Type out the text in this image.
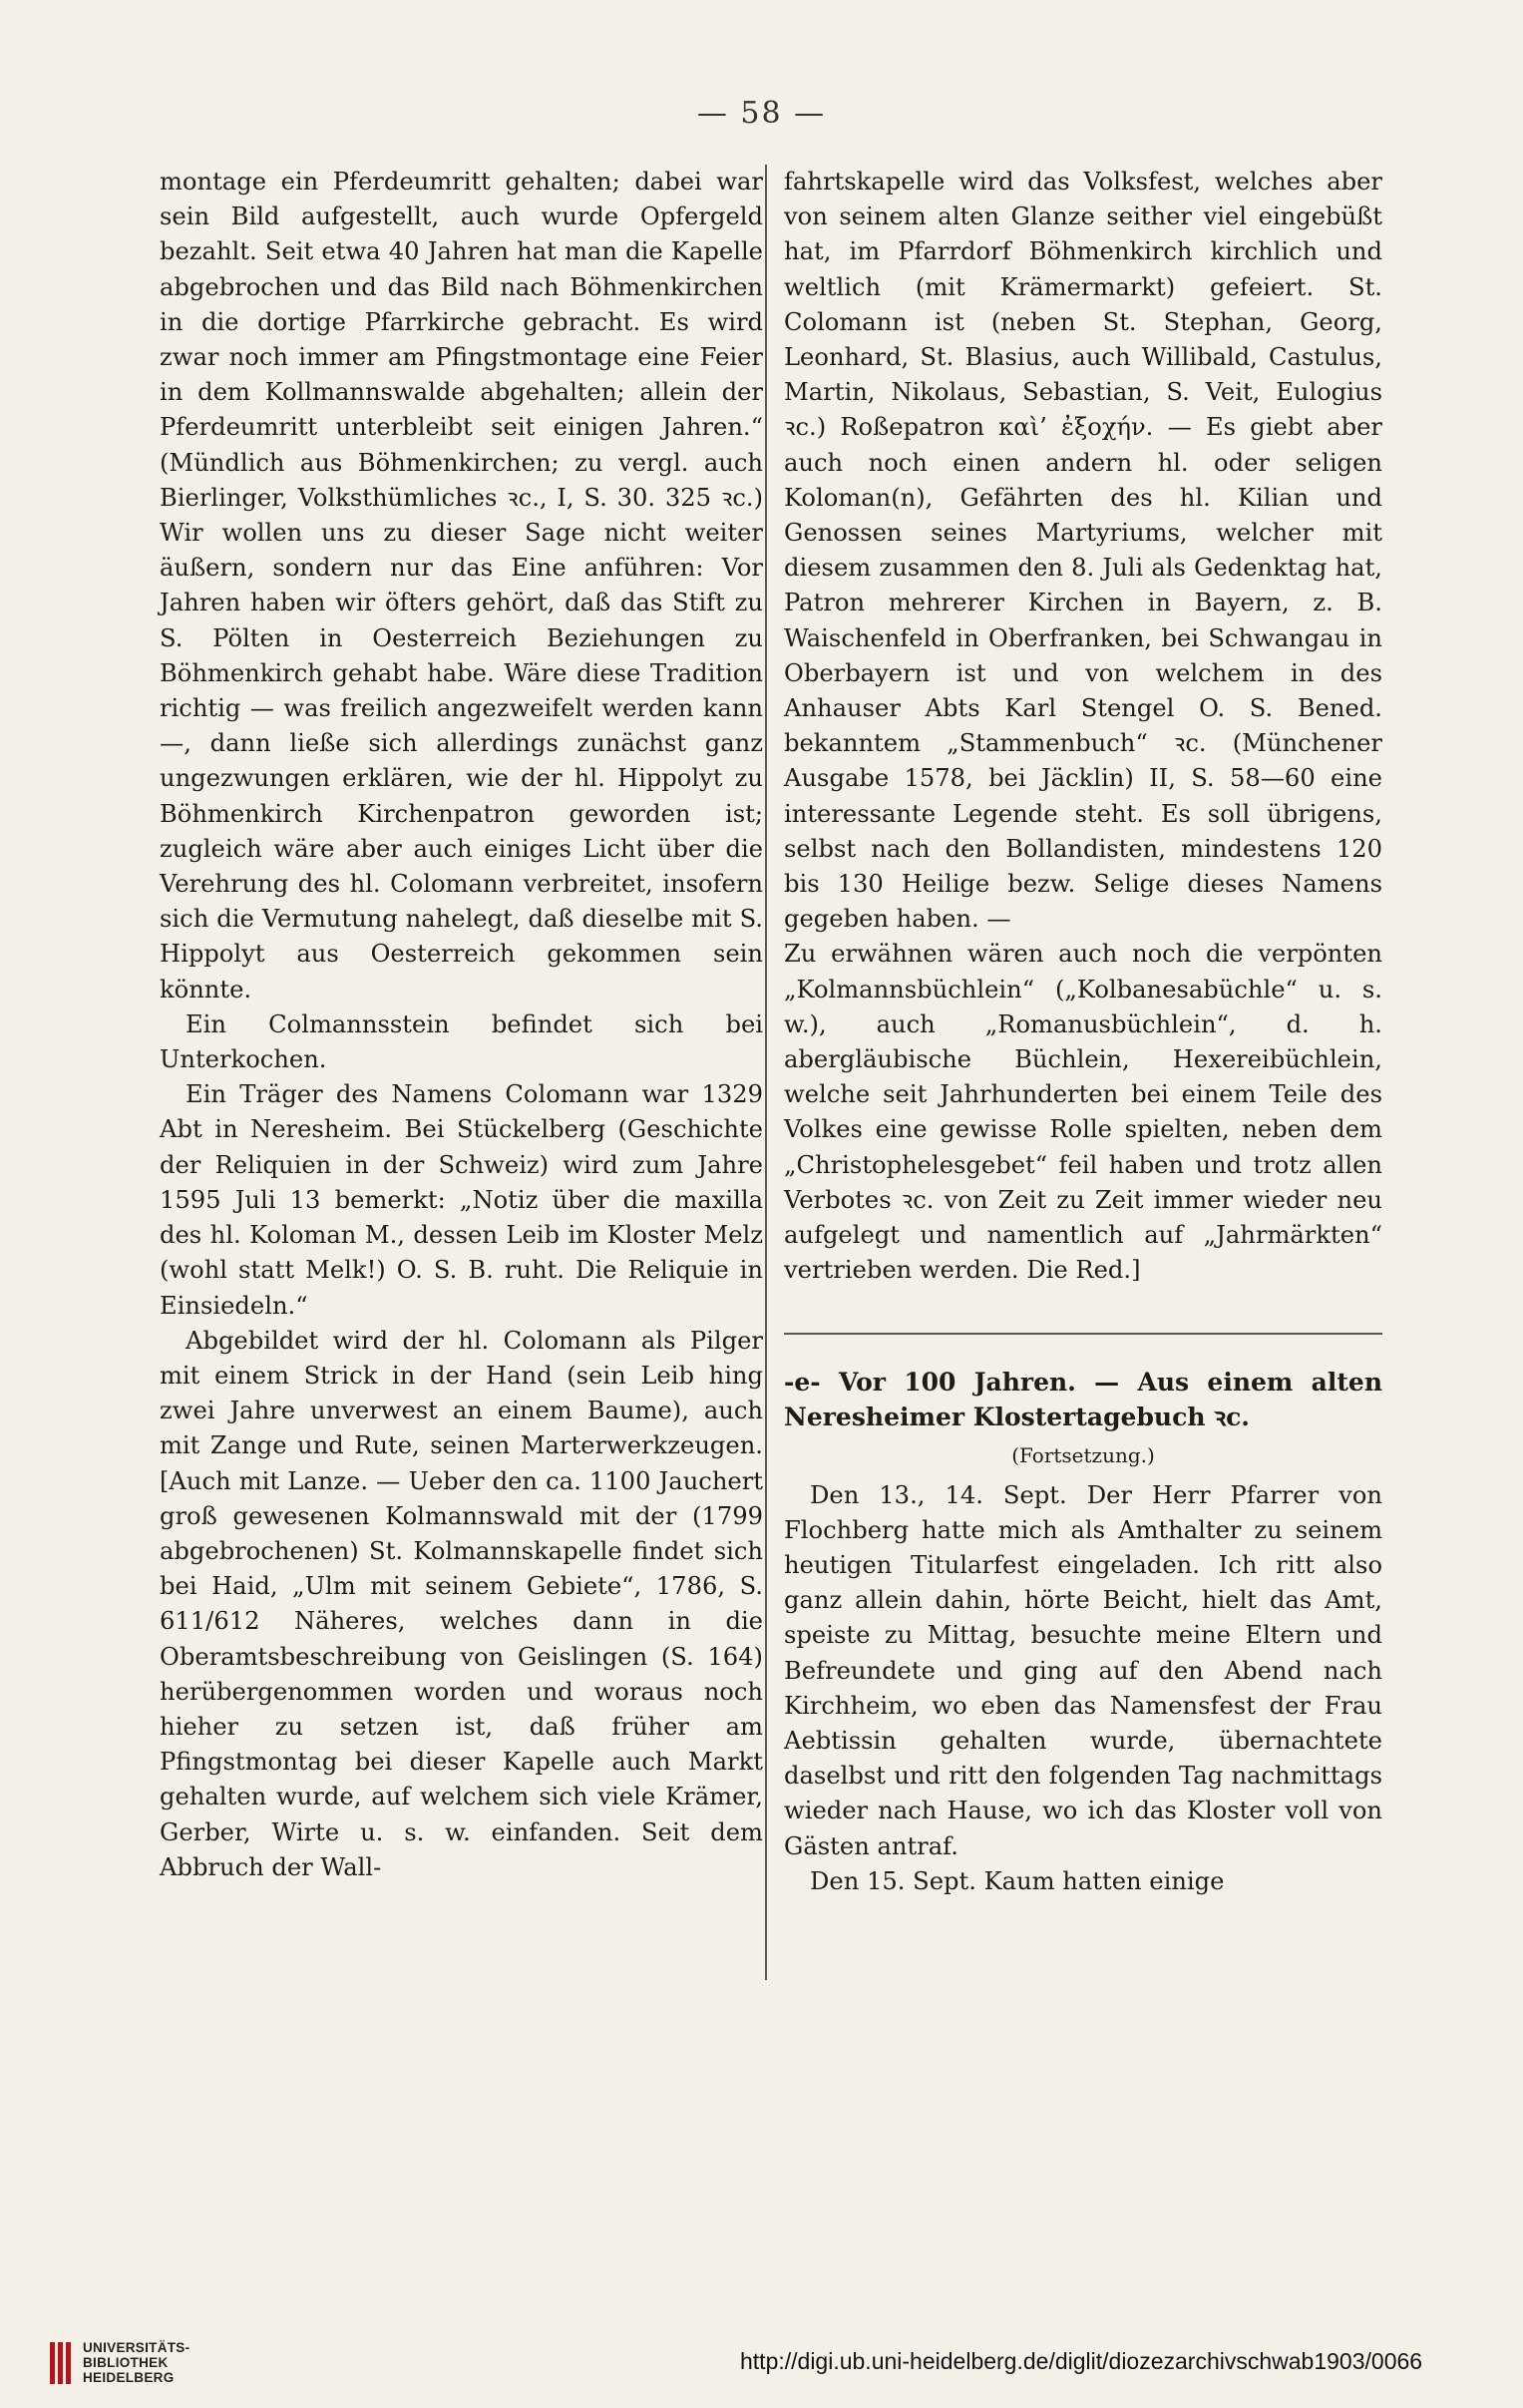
— 58 —

montage ein Pferdeumritt gehalten; dabei war sein Bild aufgestellt, auch wurde Opfergeld bezahlt. Seit etwa 40 Jahren hat man die Kapelle abgebrochen und das Bild nach Böhmenkirchen in die dortige Pfarrkirche gebracht. Es wird zwar noch immer am Pfingstmontage eine Feier in dem Kollmannswalde abgehalten; allein der Pferdeumritt unterbleibt seit einigen Jahren.“ (Mündlich aus Böhmenkirchen; zu vergl. auch Bierlinger, Volksthümliches ꝛc., I, S. 30. 325 ꝛc.) Wir wollen uns zu dieser Sage nicht weiter äußern, sondern nur das Eine anführen: Vor Jahren haben wir öfters gehört, daß das Stift zu S. Pölten in Oesterreich Beziehungen zu Böhmenkirch gehabt habe. Wäre diese Tradition richtig — was freilich angezweifelt werden kann —, dann ließe sich allerdings zunächst ganz ungezwungen erklären, wie der hl. Hippolyt zu Böhmenkirch Kirchenpatron geworden ist; zugleich wäre aber auch einiges Licht über die Verehrung des hl. Colomann verbreitet, insofern sich die Vermutung nahelegt, daß dieselbe mit S. Hippolyt aus Oesterreich gekommen sein könnte.

Ein Colmannsstein befindet sich bei Unterkochen.

Ein Träger des Namens Colomann war 1329 Abt in Neresheim. Bei Stückelberg (Geschichte der Reliquien in der Schweiz) wird zum Jahre 1595 Juli 13 bemerkt: „Notiz über die maxilla des hl. Koloman M., dessen Leib im Kloster Melz (wohl statt Melk!) O. S. B. ruht. Die Reliquie in Einsiedeln.“

Abgebildet wird der hl. Colomann als Pilger mit einem Strick in der Hand (sein Leib hing zwei Jahre unverwest an einem Baume), auch mit Zange und Rute, seinen Marterwerkzeugen. [Auch mit Lanze. — Ueber den ca. 1100 Jauchert groß gewesenen Kolmannswald mit der (1799 abgebrochenen) St. Kolmannskapelle findet sich bei Haid, „Ulm mit seinem Gebiete“, 1786, S. 611/612 Näheres, welches dann in die Oberamtsbeschreibung von Geislingen (S. 164) herübergenommen worden und woraus noch hieher zu setzen ist, daß früher am Pfingstmontag bei dieser Kapelle auch Markt gehalten wurde, auf welchem sich viele Krämer, Gerber, Wirte u. s. w. einfanden. Seit dem Abbruch der Wall-

fahrtskapelle wird das Volksfest, welches aber von seinem alten Glanze seither viel eingebüßt hat, im Pfarrdorf Böhmenkirch kirchlich und weltlich (mit Krämermarkt) gefeiert. St. Colomann ist (neben St. Stephan, Georg, Leonhard, St. Blasius, auch Willibald, Castulus, Martin, Nikolaus, Sebastian, S. Veit, Eulogius ꝛc.) Roßepatron καὶ’ ἐξοχήν. — Es giebt aber auch noch einen andern hl. oder seligen Koloman(n), Gefährten des hl. Kilian und Genossen seines Martyriums, welcher mit diesem zusammen den 8. Juli als Gedenktag hat, Patron mehrerer Kirchen in Bayern, z. B. Waischenfeld in Oberfranken, bei Schwangau in Oberbayern ist und von welchem in des Anhauser Abts Karl Stengel O. S. Bened. bekanntem „Stammenbuch“ ꝛc. (Münchener Ausgabe 1578, bei Jäcklin) II, S. 58—60 eine interessante Legende steht. Es soll übrigens, selbst nach den Bollandisten, mindestens 120 bis 130 Heilige bezw. Selige dieses Namens gegeben haben. —

Zu erwähnen wären auch noch die verpönten „Kolmannsbüchlein“ („Kolbanesabüchle“ u. s. w.), auch „Romanusbüchlein“, d. h. abergläubische Büchlein, Hexereibüchlein, welche seit Jahrhunderten bei einem Teile des Volkes eine gewisse Rolle spielten, neben dem „Christophelesgebet“ feil haben und trotz allen Verbotes ꝛc. von Zeit zu Zeit immer wieder neu aufgelegt und namentlich auf „Jahrmärkten“ vertrieben werden. Die Red.]

-e- Vor 100 Jahren. — Aus einem alten Neresheimer Klostertagebuch ꝛc.
(Fortsetzung.)

Den 13., 14. Sept. Der Herr Pfarrer von Flochberg hatte mich als Amthalter zu seinem heutigen Titularfest eingeladen. Ich ritt also ganz allein dahin, hörte Beicht, hielt das Amt, speiste zu Mittag, besuchte meine Eltern und Befreundete und ging auf den Abend nach Kirchheim, wo eben das Namensfest der Frau Aebtissin gehalten wurde, übernachtete daselbst und ritt den folgenden Tag nachmittags wieder nach Hause, wo ich das Kloster voll von Gästen antraf.

Den 15. Sept. Kaum hatten einige

UNIVERSITÄTS-
BIBLIOTHEK
HEIDELBERG
http://digi.ub.uni-heidelberg.de/diglit/diozezarchivschwab1903/0066
